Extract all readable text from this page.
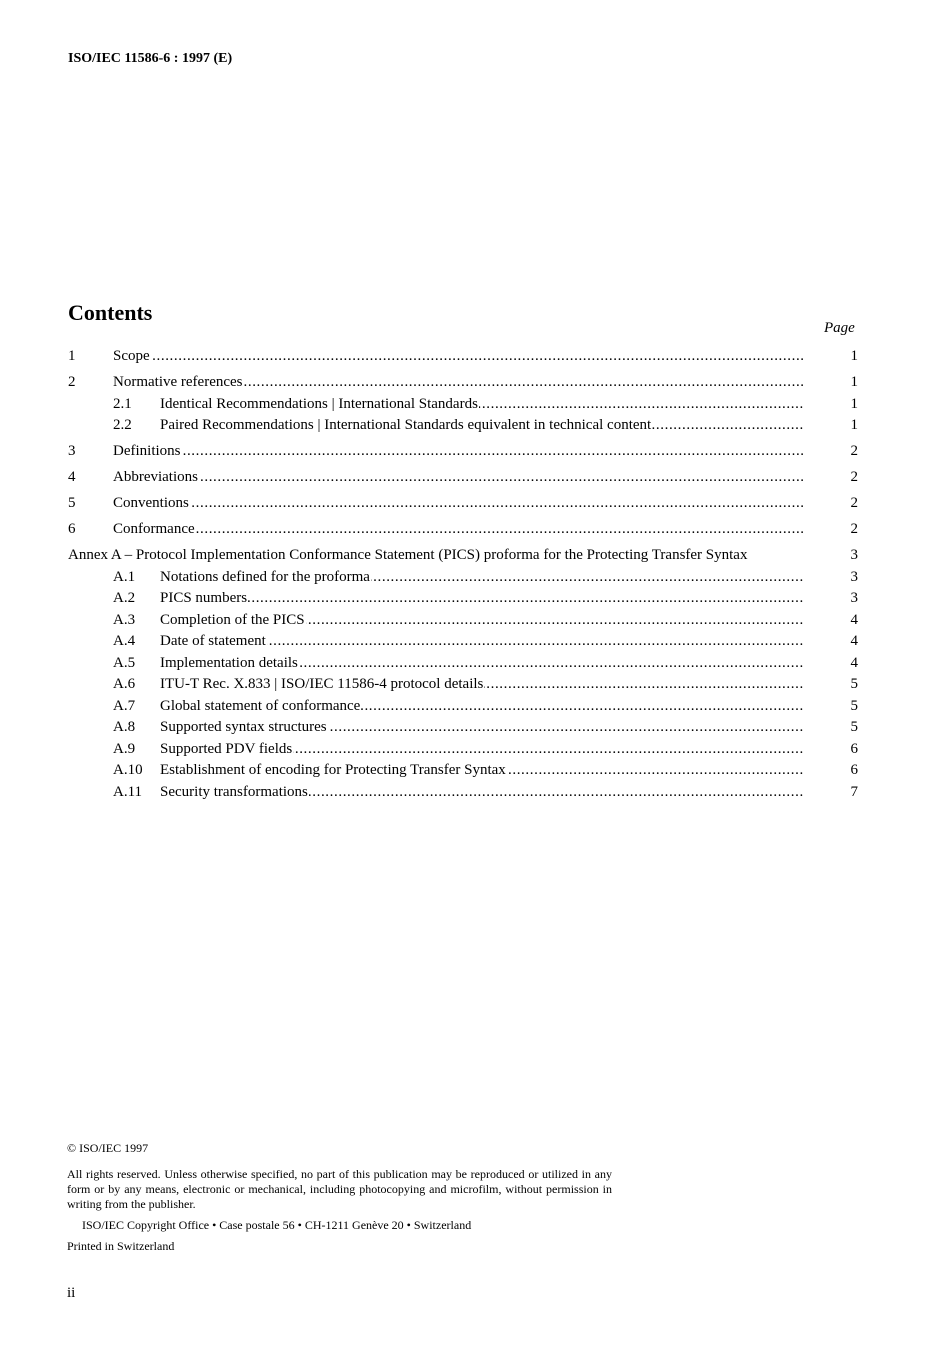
ISO/IEC 11586-6 : 1997 (E)
Contents
Page
1	Scope .....	1
2	Normative references .....	1
2.1 Identical Recommendations | International Standards .....	1
2.2 Paired Recommendations | International Standards equivalent in technical content .....	1
3	Definitions .....	2
4	Abbreviations .....	2
5	Conventions .....	2
6	Conformance .....	2
Annex A – Protocol Implementation Conformance Statement (PICS) proforma for the Protecting Transfer Syntax	3
A.1 Notations defined for the proforma .....	3
A.2 PICS numbers .....	3
A.3 Completion of the PICS .....	4
A.4 Date of statement .....	4
A.5 Implementation details .....	4
A.6 ITU-T Rec. X.833 | ISO/IEC 11586-4 protocol details .....	5
A.7 Global statement of conformance .....	5
A.8 Supported syntax structures .....	5
A.9 Supported PDV fields .....	6
A.10 Establishment of encoding for Protecting Transfer Syntax .....	6
A.11 Security transformations .....	7
© ISO/IEC 1997
All rights reserved. Unless otherwise specified, no part of this publication may be reproduced or utilized in any form or by any means, electronic or mechanical, including photocopying and microfilm, without permission in writing from the publisher.
ISO/IEC Copyright Office • Case postale 56 • CH-1211 Genève 20 • Switzerland
Printed in Switzerland
ii
